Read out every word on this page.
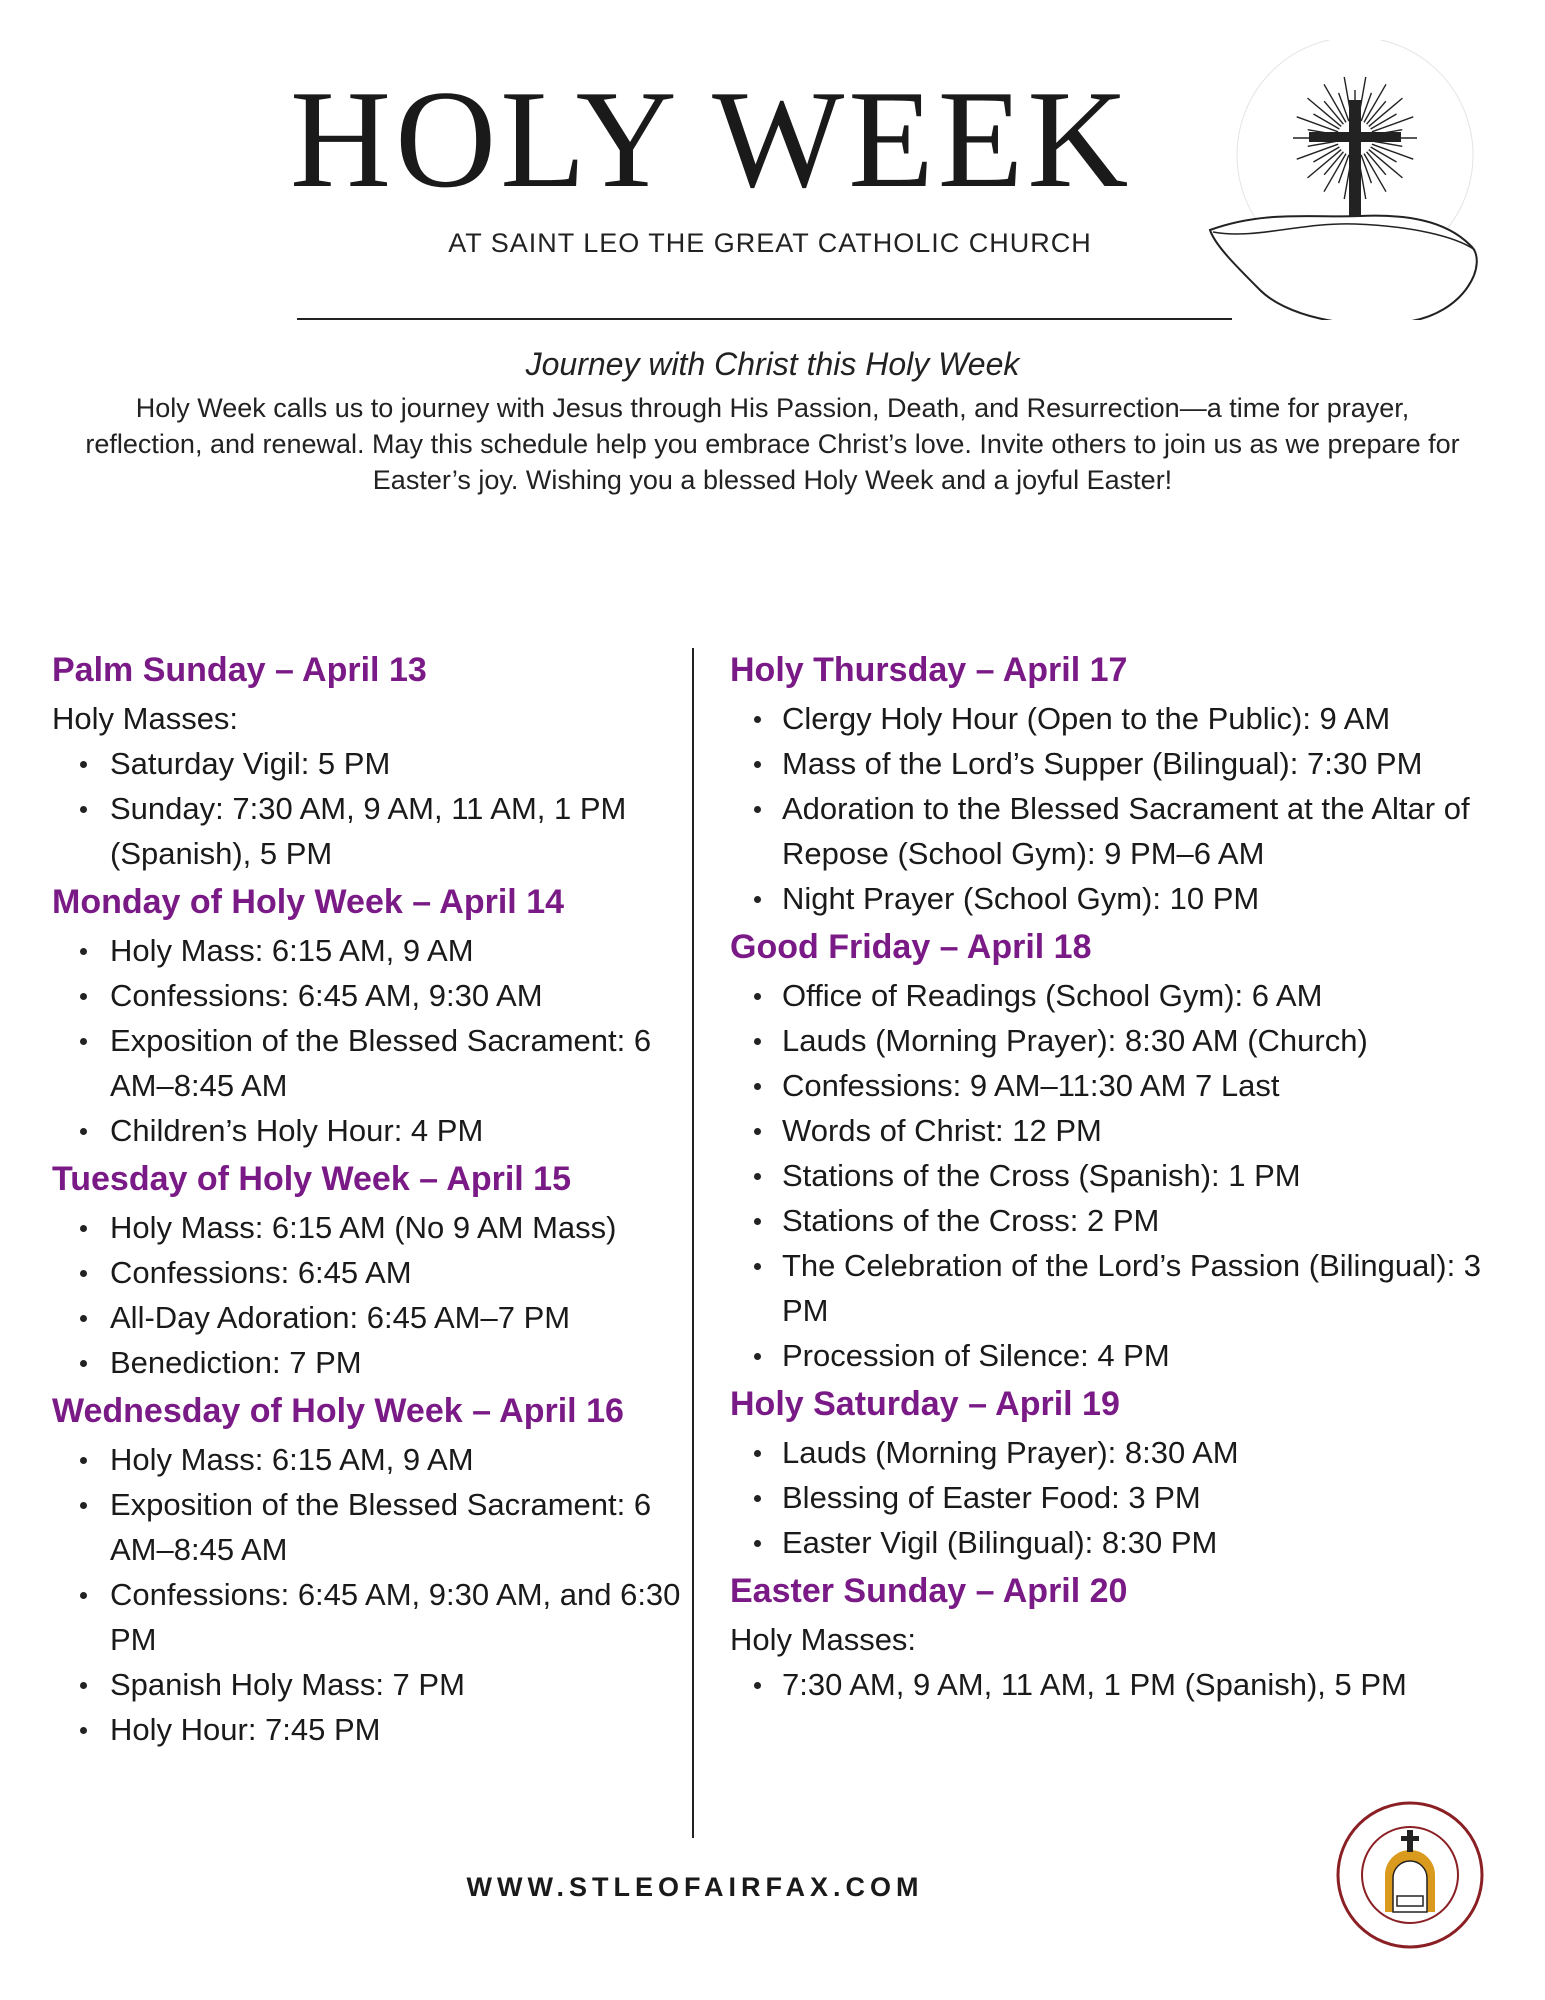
HOLY WEEK
AT SAINT LEO THE GREAT CATHOLIC CHURCH
Journey with Christ this Holy Week
Holy Week calls us to journey with Jesus through His Passion, Death, and Resurrection—a time for prayer, reflection, and renewal. May this schedule help you embrace Christ’s love. Invite others to join us as we prepare for Easter’s joy. Wishing you a blessed Holy Week and a joyful Easter!
Palm Sunday – April 13
Holy Masses:
Saturday Vigil: 5 PM
Sunday: 7:30 AM, 9 AM, 11 AM, 1 PM (Spanish), 5 PM
Monday of Holy Week – April 14
Holy Mass: 6:15 AM, 9 AM
Confessions: 6:45 AM, 9:30 AM
Exposition of the Blessed Sacrament: 6 AM–8:45 AM
Children’s Holy Hour: 4 PM
Tuesday of Holy Week – April 15
Holy Mass: 6:15 AM (No 9 AM Mass)
Confessions: 6:45 AM
All-Day Adoration: 6:45 AM–7 PM
Benediction: 7 PM
Wednesday of Holy Week – April 16
Holy Mass: 6:15 AM, 9 AM
Exposition of the Blessed Sacrament: 6 AM–8:45 AM
Confessions: 6:45 AM, 9:30 AM, and 6:30 PM
Spanish Holy Mass: 7 PM
Holy Hour: 7:45 PM
Holy Thursday – April 17
Clergy Holy Hour (Open to the Public): 9 AM
Mass of the Lord’s Supper (Bilingual): 7:30 PM
Adoration to the Blessed Sacrament at the Altar of Repose (School Gym): 9 PM–6 AM
Night Prayer (School Gym): 10 PM
Good Friday – April 18
Office of Readings (School Gym): 6 AM
Lauds (Morning Prayer): 8:30 AM (Church)
Confessions: 9 AM–11:30 AM 7 Last
Words of Christ: 12 PM
Stations of the Cross (Spanish): 1 PM
Stations of the Cross: 2 PM
The Celebration of the Lord’s Passion (Bilingual): 3 PM
Procession of Silence: 4 PM
Holy Saturday – April 19
Lauds (Morning Prayer): 8:30 AM
Blessing of Easter Food: 3 PM
Easter Vigil (Bilingual): 8:30 PM
Easter Sunday – April 20
Holy Masses:
7:30 AM, 9 AM, 11 AM, 1 PM (Spanish), 5 PM
WWW.STLEOFAIRFAX.COM
